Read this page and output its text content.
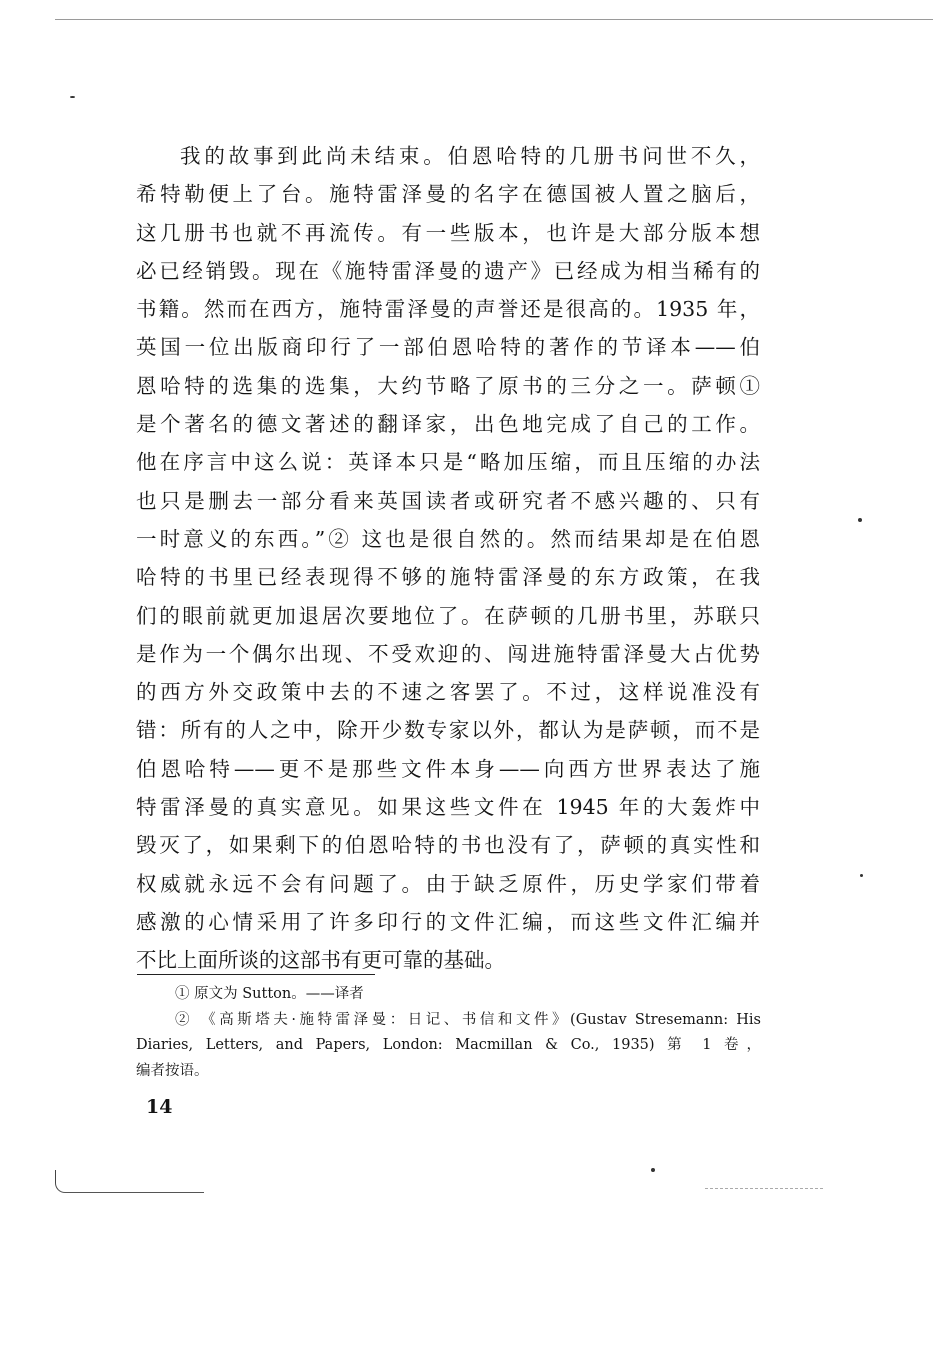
我的故事到此尚未结束。伯恩哈特的几册书问世不久，
希特勒便上了台。施特雷泽曼的名字在德国被人置之脑后，
这几册书也就不再流传。有一些版本，也许是大部分版本想
必已经销毁。现在《施特雷泽曼的遗产》已经成为相当稀有的
书籍。然而在西方，施特雷泽曼的声誉还是很高的。1935 年，
英国一位出版商印行了一部伯恩哈特的著作的节译本——伯
恩哈特的选集的选集，大约节略了原书的三分之一。萨顿①
是个著名的德文著述的翻译家，出色地完成了自己的工作。
他在序言中这么说：英译本只是“略加压缩，而且压缩的办法
也只是删去一部分看来英国读者或研究者不感兴趣的、只有
一时意义的东西。”② 这也是很自然的。然而结果却是在伯恩
哈特的书里已经表现得不够的施特雷泽曼的东方政策，在我
们的眼前就更加退居次要地位了。在萨顿的几册书里，苏联只
是作为一个偶尔出现、不受欢迎的、闯进施特雷泽曼大占优势
的西方外交政策中去的不速之客罢了。不过，这样说准没有
错：所有的人之中，除开少数专家以外，都认为是萨顿，而不是
伯恩哈特——更不是那些文件本身——向西方世界表达了施
特雷泽曼的真实意见。如果这些文件在 1945 年的大轰炸中
毁灭了，如果剩下的伯恩哈特的书也没有了，萨顿的真实性和
权威就永远不会有问题了。由于缺乏原件，历史学家们带着
感激的心情采用了许多印行的文件汇编，而这些文件汇编并
不比上面所谈的这部书有更可靠的基础。
① 原文为 Sutton。——译者
② 《高斯塔夫·施特雷泽曼：日记、书信和文件》(Gustav Stresemann: His
Diaries, Letters, and Papers, London: Macmillan & Co., 1935) 第 1 卷，
编者按语。
14
